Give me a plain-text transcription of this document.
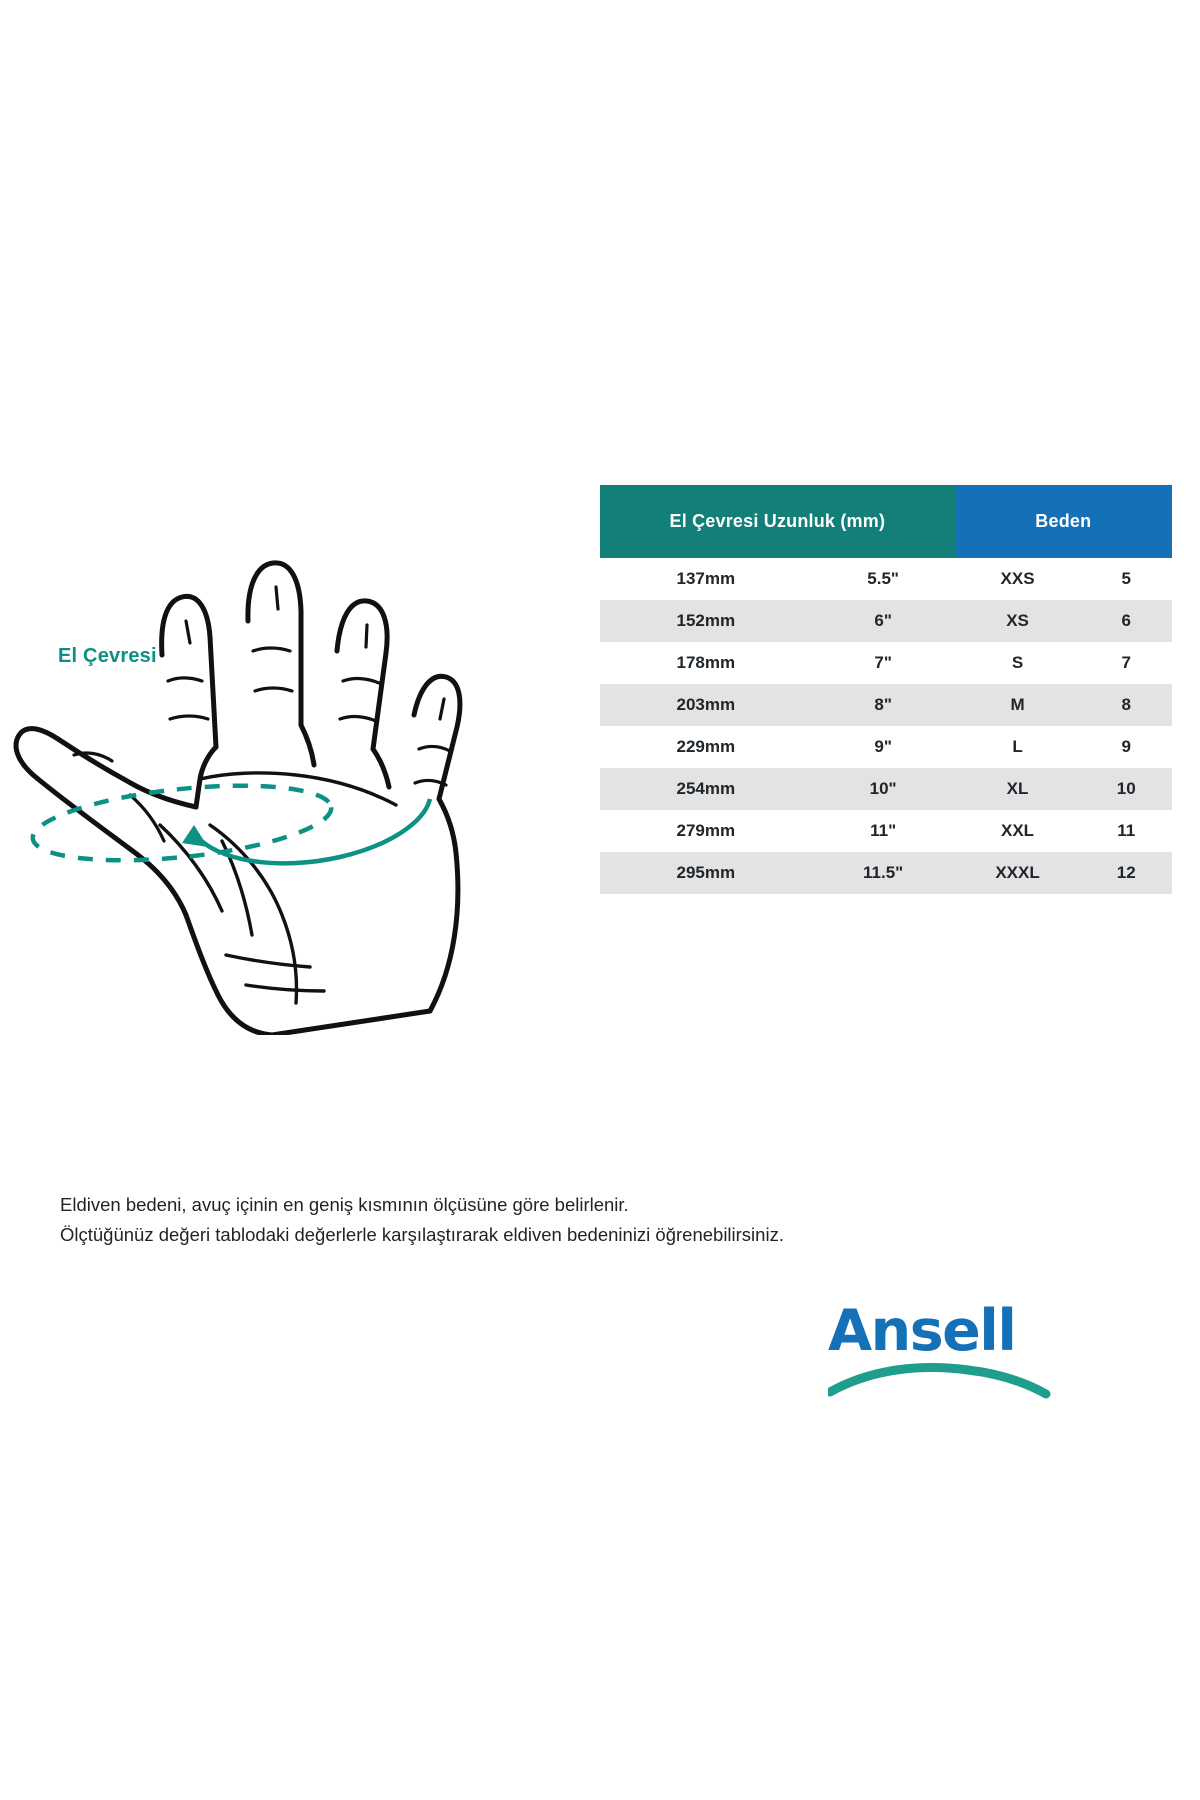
El Çevresi
El Çevresi Uzunluk (mm)		Beden	
137mm	5.5"	XXS	5
152mm	6"	XS	6
178mm	7"	S	7
203mm	8"	M	8
229mm	9"	L	9
254mm	10"	XL	10
279mm	11"	XXL	11
295mm	11.5"	XXXL	12
Eldiven bedeni, avuç içinin en geniş kısmının ölçüsüne göre belirlenir.
Ölçtüğünüz değeri tablodaki değerlerle karşılaştırarak eldiven bedeninizi öğrenebilirsiniz.
Ansell
